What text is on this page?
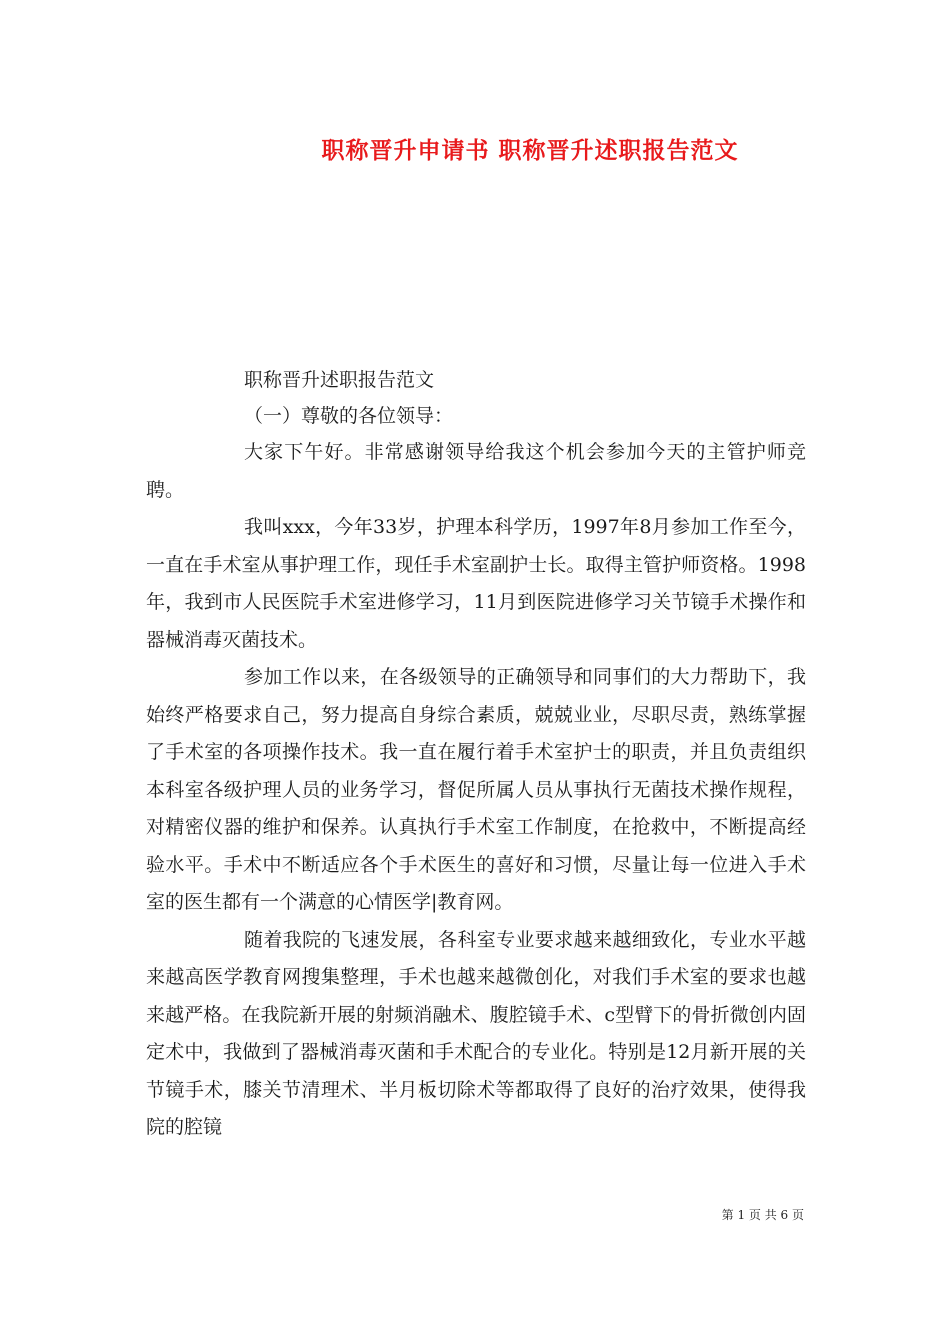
职称晋升申请书 职称晋升述职报告范文

职称晋升述职报告范文

（一）尊敬的各位领导：

大家下午好。非常感谢领导给我这个机会参加今天的主管护师竞聘。

我叫xxx，今年33岁，护理本科学历，1997年8月参加工作至今，一直在手术室从事护理工作，现任手术室副护士长。取得主管护师资格。1998年，我到市人民医院手术室进修学习，11月到医院进修学习关节镜手术操作和器械消毒灭菌技术。

参加工作以来，在各级领导的正确领导和同事们的大力帮助下，我始终严格要求自己，努力提高自身综合素质，兢兢业业，尽职尽责，熟练掌握了手术室的各项操作技术。我一直在履行着手术室护士的职责，并且负责组织本科室各级护理人员的业务学习，督促所属人员从事执行无菌技术操作规程，对精密仪器的维护和保养。认真执行手术室工作制度，在抢救中，不断提高经验水平。手术中不断适应各个手术医生的喜好和习惯，尽量让每一位进入手术室的医生都有一个满意的心情医学|教育网。

随着我院的飞速发展，各科室专业要求越来越细致化，专业水平越来越高医学教育网搜集整理，手术也越来越微创化，对我们手术室的要求也越来越严格。在我院新开展的射频消融术、腹腔镜手术、c型臂下的骨折微创内固定术中，我做到了器械消毒灭菌和手术配合的专业化。特别是12月新开展的关节镜手术，膝关节清理术、半月板切除术等都取得了良好的治疗效果，使得我院的腔镜

第 1 页 共 6 页
